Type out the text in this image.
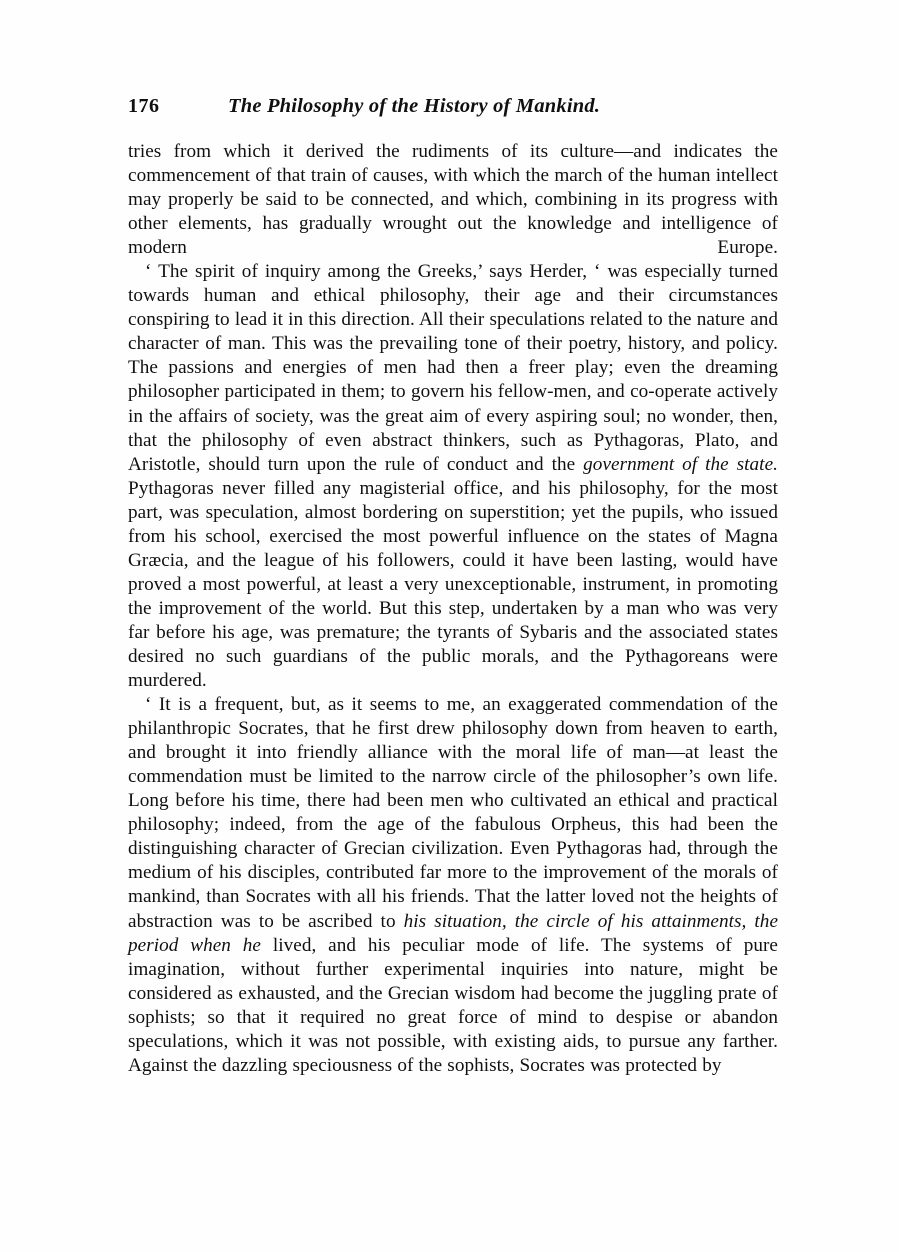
176	The Philosophy of the History of Mankind.

tries from which it derived the rudiments of its culture—and indicates the commencement of that train of causes, with which the march of the human intellect may properly be said to be connected, and which, combining in its progress with other elements, has gradually wrought out the knowledge and intelligence of modern Europe.

‘ The spirit of inquiry among the Greeks,’ says Herder, ‘ was especially turned towards human and ethical philosophy, their age and their circumstances conspiring to lead it in this direction. All their speculations related to the nature and character of man. This was the prevailing tone of their poetry, history, and policy. The passions and energies of men had then a freer play; even the dreaming philosopher participated in them; to govern his fellow-men, and co-operate actively in the affairs of society, was the great aim of every aspiring soul; no wonder, then, that the philosophy of even abstract thinkers, such as Pythagoras, Plato, and Aristotle, should turn upon the rule of conduct and the government of the state. Pythagoras never filled any magisterial office, and his philosophy, for the most part, was speculation, almost bordering on superstition; yet the pupils, who issued from his school, exercised the most powerful influence on the states of Magna Græcia, and the league of his followers, could it have been lasting, would have proved a most powerful, at least a very unexceptionable, instrument, in promoting the improvement of the world. But this step, undertaken by a man who was very far before his age, was premature; the tyrants of Sybaris and the associated states desired no such guardians of the public morals, and the Pythagoreans were murdered.

‘ It is a frequent, but, as it seems to me, an exaggerated commendation of the philanthropic Socrates, that he first drew philosophy down from heaven to earth, and brought it into friendly alliance with the moral life of man—at least the commendation must be limited to the narrow circle of the philosopher’s own life. Long before his time, there had been men who cultivated an ethical and practical philosophy; indeed, from the age of the fabulous Orpheus, this had been the distinguishing character of Grecian civilization. Even Pythagoras had, through the medium of his disciples, contributed far more to the improvement of the morals of mankind, than Socrates with all his friends. That the latter loved not the heights of abstraction was to be ascribed to his situation, the circle of his attainments, the period when he lived, and his peculiar mode of life. The systems of pure imagination, without further experimental inquiries into nature, might be considered as exhausted, and the Grecian wisdom had become the juggling prate of sophists; so that it required no great force of mind to despise or abandon speculations, which it was not possible, with existing aids, to pursue any farther. Against the dazzling speciousness of the sophists, Socrates was protected by
